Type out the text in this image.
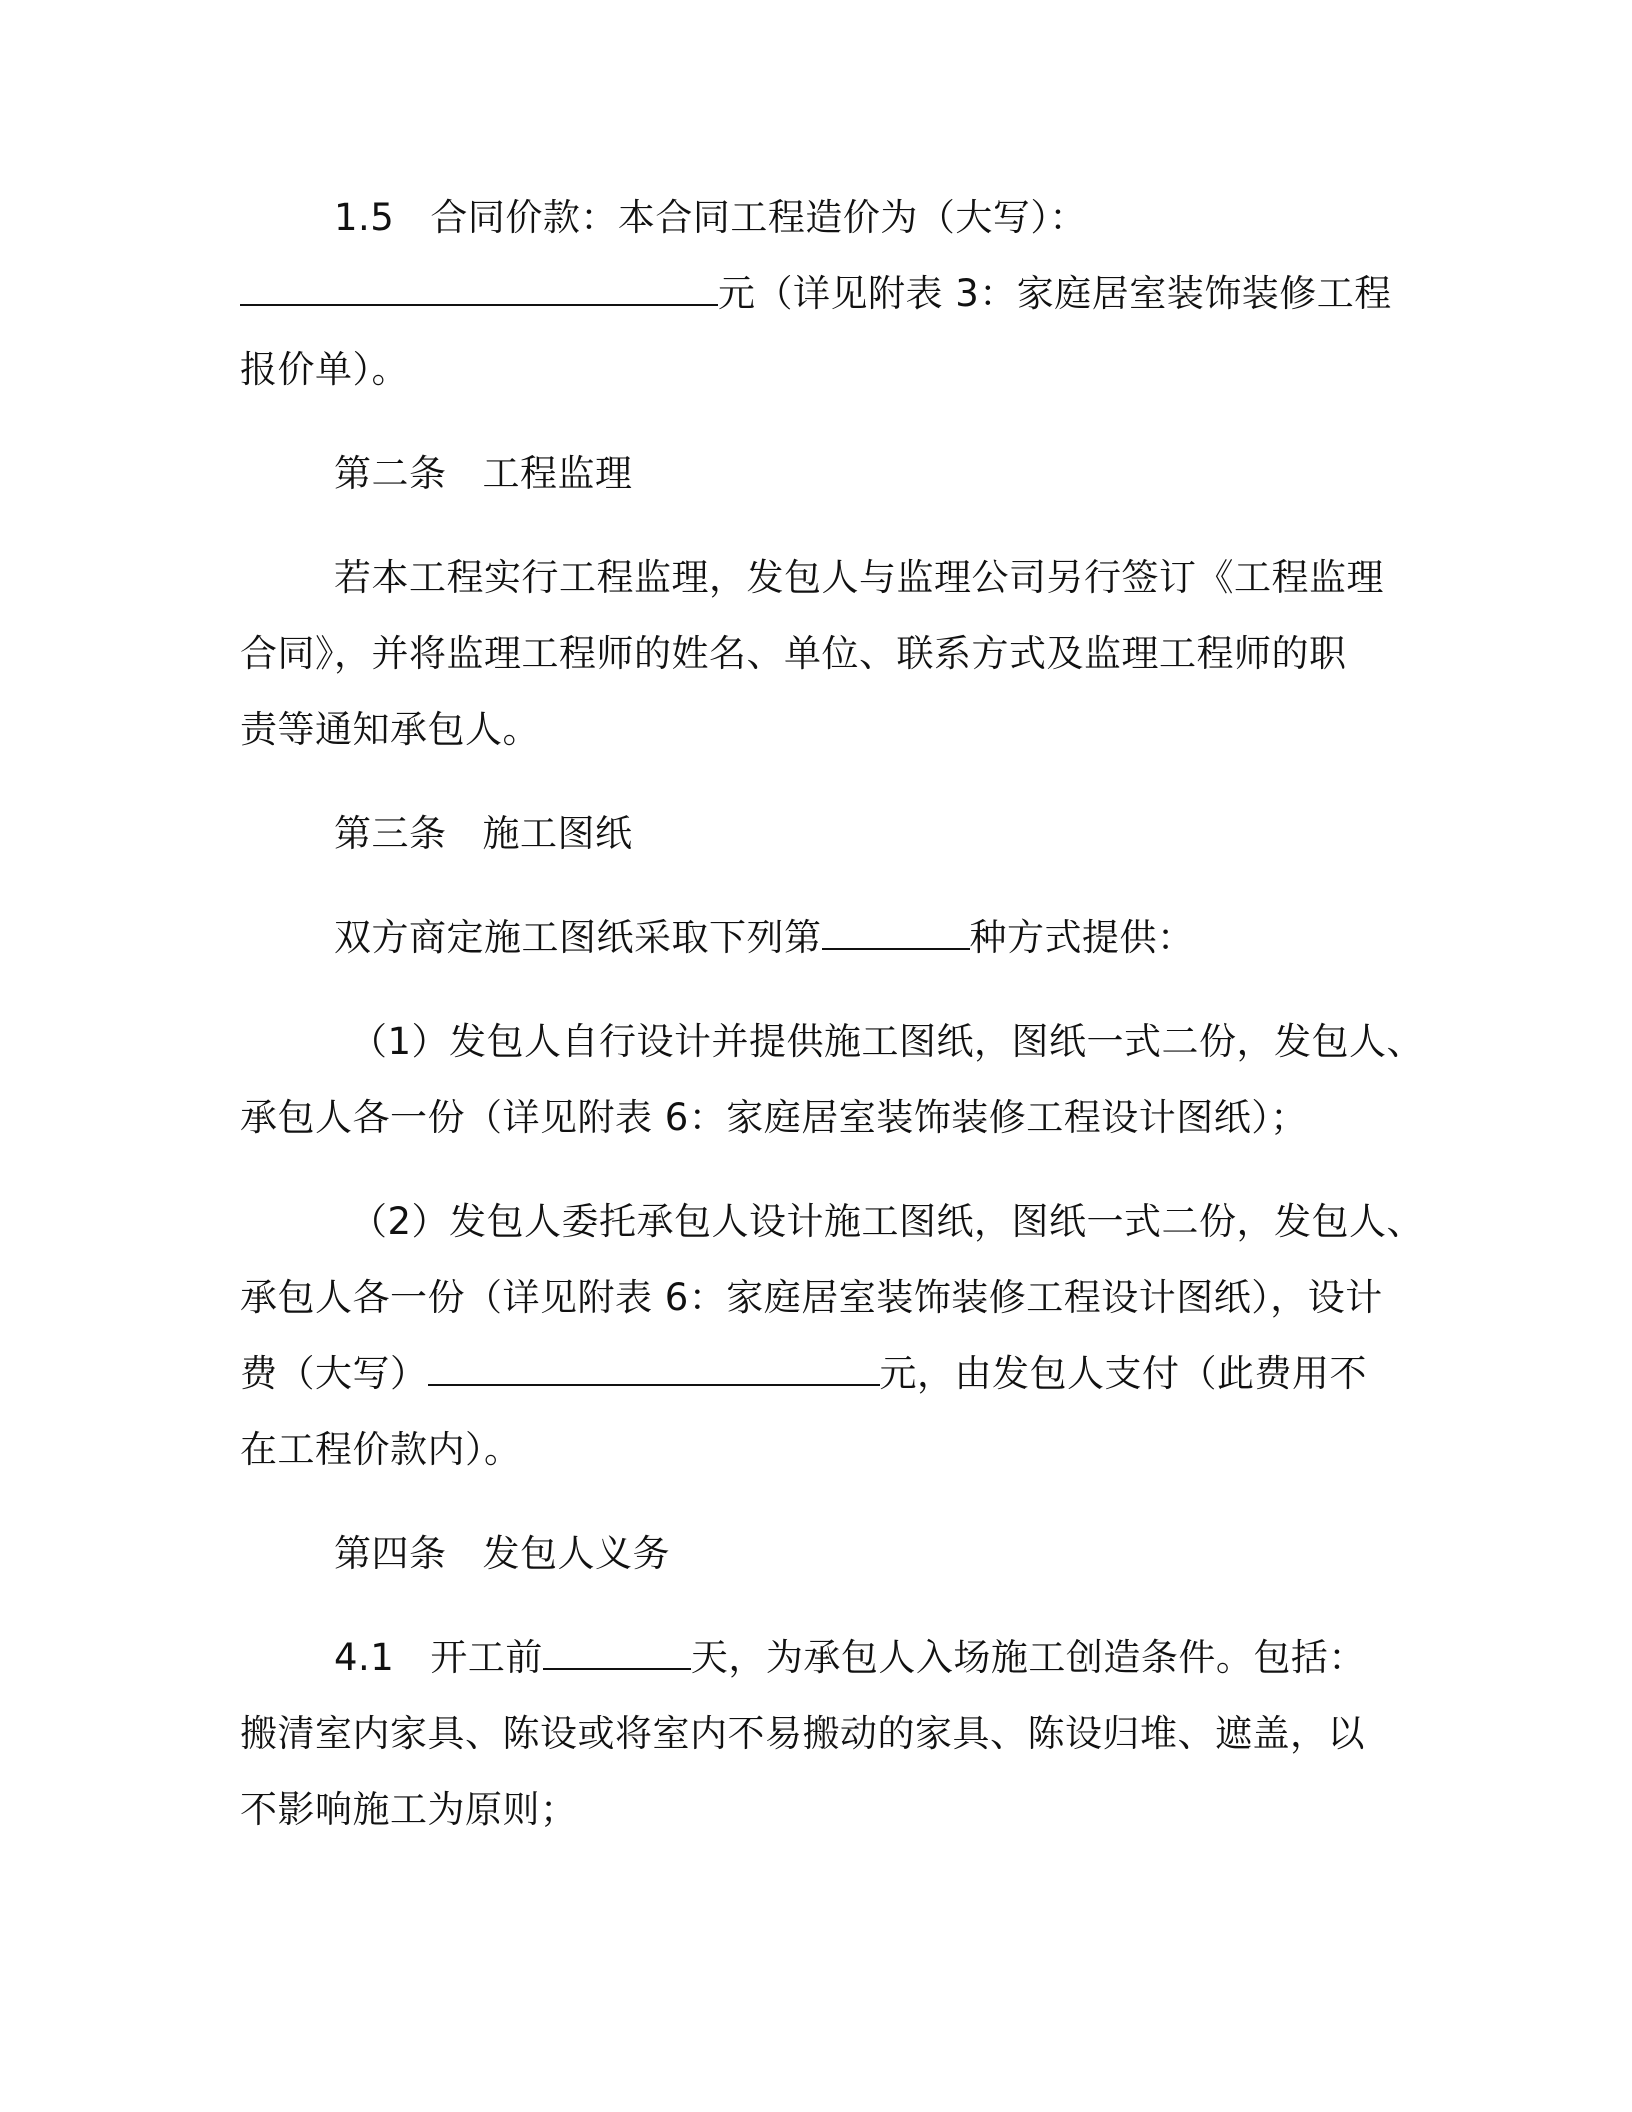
1.5 合同价款：本合同工程造价为（大写）：
元（详见附表 3：家庭居室装饰装修工程
报价单）。
第二条 工程监理
若本工程实行工程监理，发包人与监理公司另行签订《工程监理
合同》，并将监理工程师的姓名、单位、联系方式及监理工程师的职
责等通知承包人。
第三条 施工图纸
双方商定施工图纸采取下列第	种方式提供：
（1）发包人自行设计并提供施工图纸，图纸一式二份，发包人、
承包人各一份（详见附表 6：家庭居室装饰装修工程设计图纸）；
（2）发包人委托承包人设计施工图纸，图纸一式二份，发包人、
承包人各一份（详见附表 6：家庭居室装饰装修工程设计图纸），设计
费（大写）	元，由发包人支付（此费用不
在工程价款内）。
第四条 发包人义务
4.1 开工前	天，为承包人入场施工创造条件。包括：
搬清室内家具、陈设或将室内不易搬动的家具、陈设归堆、遮盖，以
不影响施工为原则；
